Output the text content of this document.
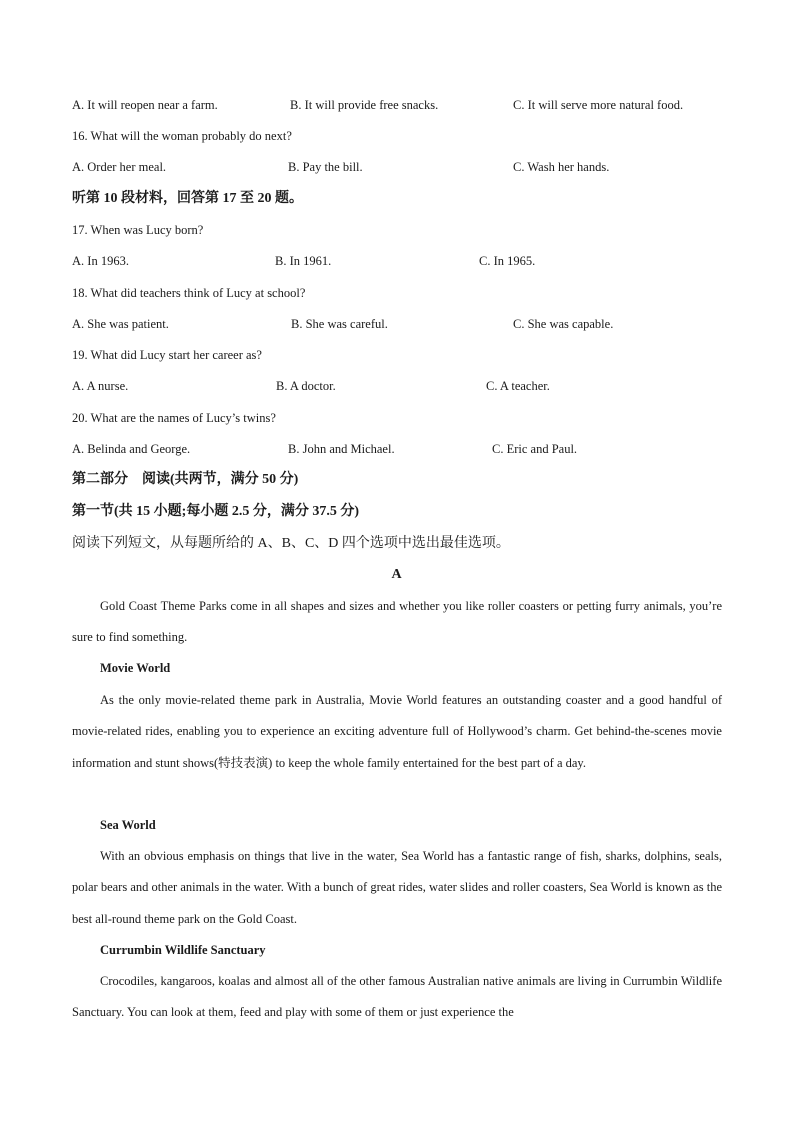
A. It will reopen near a farm.	B. It will provide free snacks.	C. It will serve more natural food.
16. What will the woman probably do next?
A. Order her meal.	B. Pay the bill.	C. Wash her hands.
听第 10 段材料，回答第 17 至 20 题。
17. When was Lucy born?
A. In 1963.	B. In 1961.	C. In 1965.
18. What did teachers think of Lucy at school?
A. She was patient.	B. She was careful.	C. She was capable.
19. What did Lucy start her career as?
A. A nurse.	B. A doctor.	C. A teacher.
20. What are the names of Lucy’s twins?
A. Belinda and George.	B. John and Michael.	C. Eric and Paul.
第二部分　阅读(共两节，满分 50 分)
第一节(共 15 小题;每小题 2.5 分，满分 37.5 分)
阅读下列短文，从每题所给的 A、B、C、D 四个选项中选出最佳选项。
A

Gold Coast Theme Parks come in all shapes and sizes and whether you like roller coasters or petting furry animals, you’re sure to find something.

Movie World

As the only movie-related theme park in Australia, Movie World features an outstanding coaster and a good handful of movie-related rides, enabling you to experience an exciting adventure full of Hollywood’s charm. Get behind-the-scenes movie information and stunt shows(特技表演) to keep the whole family entertained for the best part of a day.

Sea World

With an obvious emphasis on things that live in the water, Sea World has a fantastic range of fish, sharks, dolphins, seals, polar bears and other animals in the water. With a bunch of great rides, water slides and roller coasters, Sea World is known as the best all-round theme park on the Gold Coast.

Currumbin Wildlife Sanctuary

Crocodiles, kangaroos, koalas and almost all of the other famous Australian native animals are living in Currumbin Wildlife Sanctuary. You can look at them, feed and play with some of them or just experience the
